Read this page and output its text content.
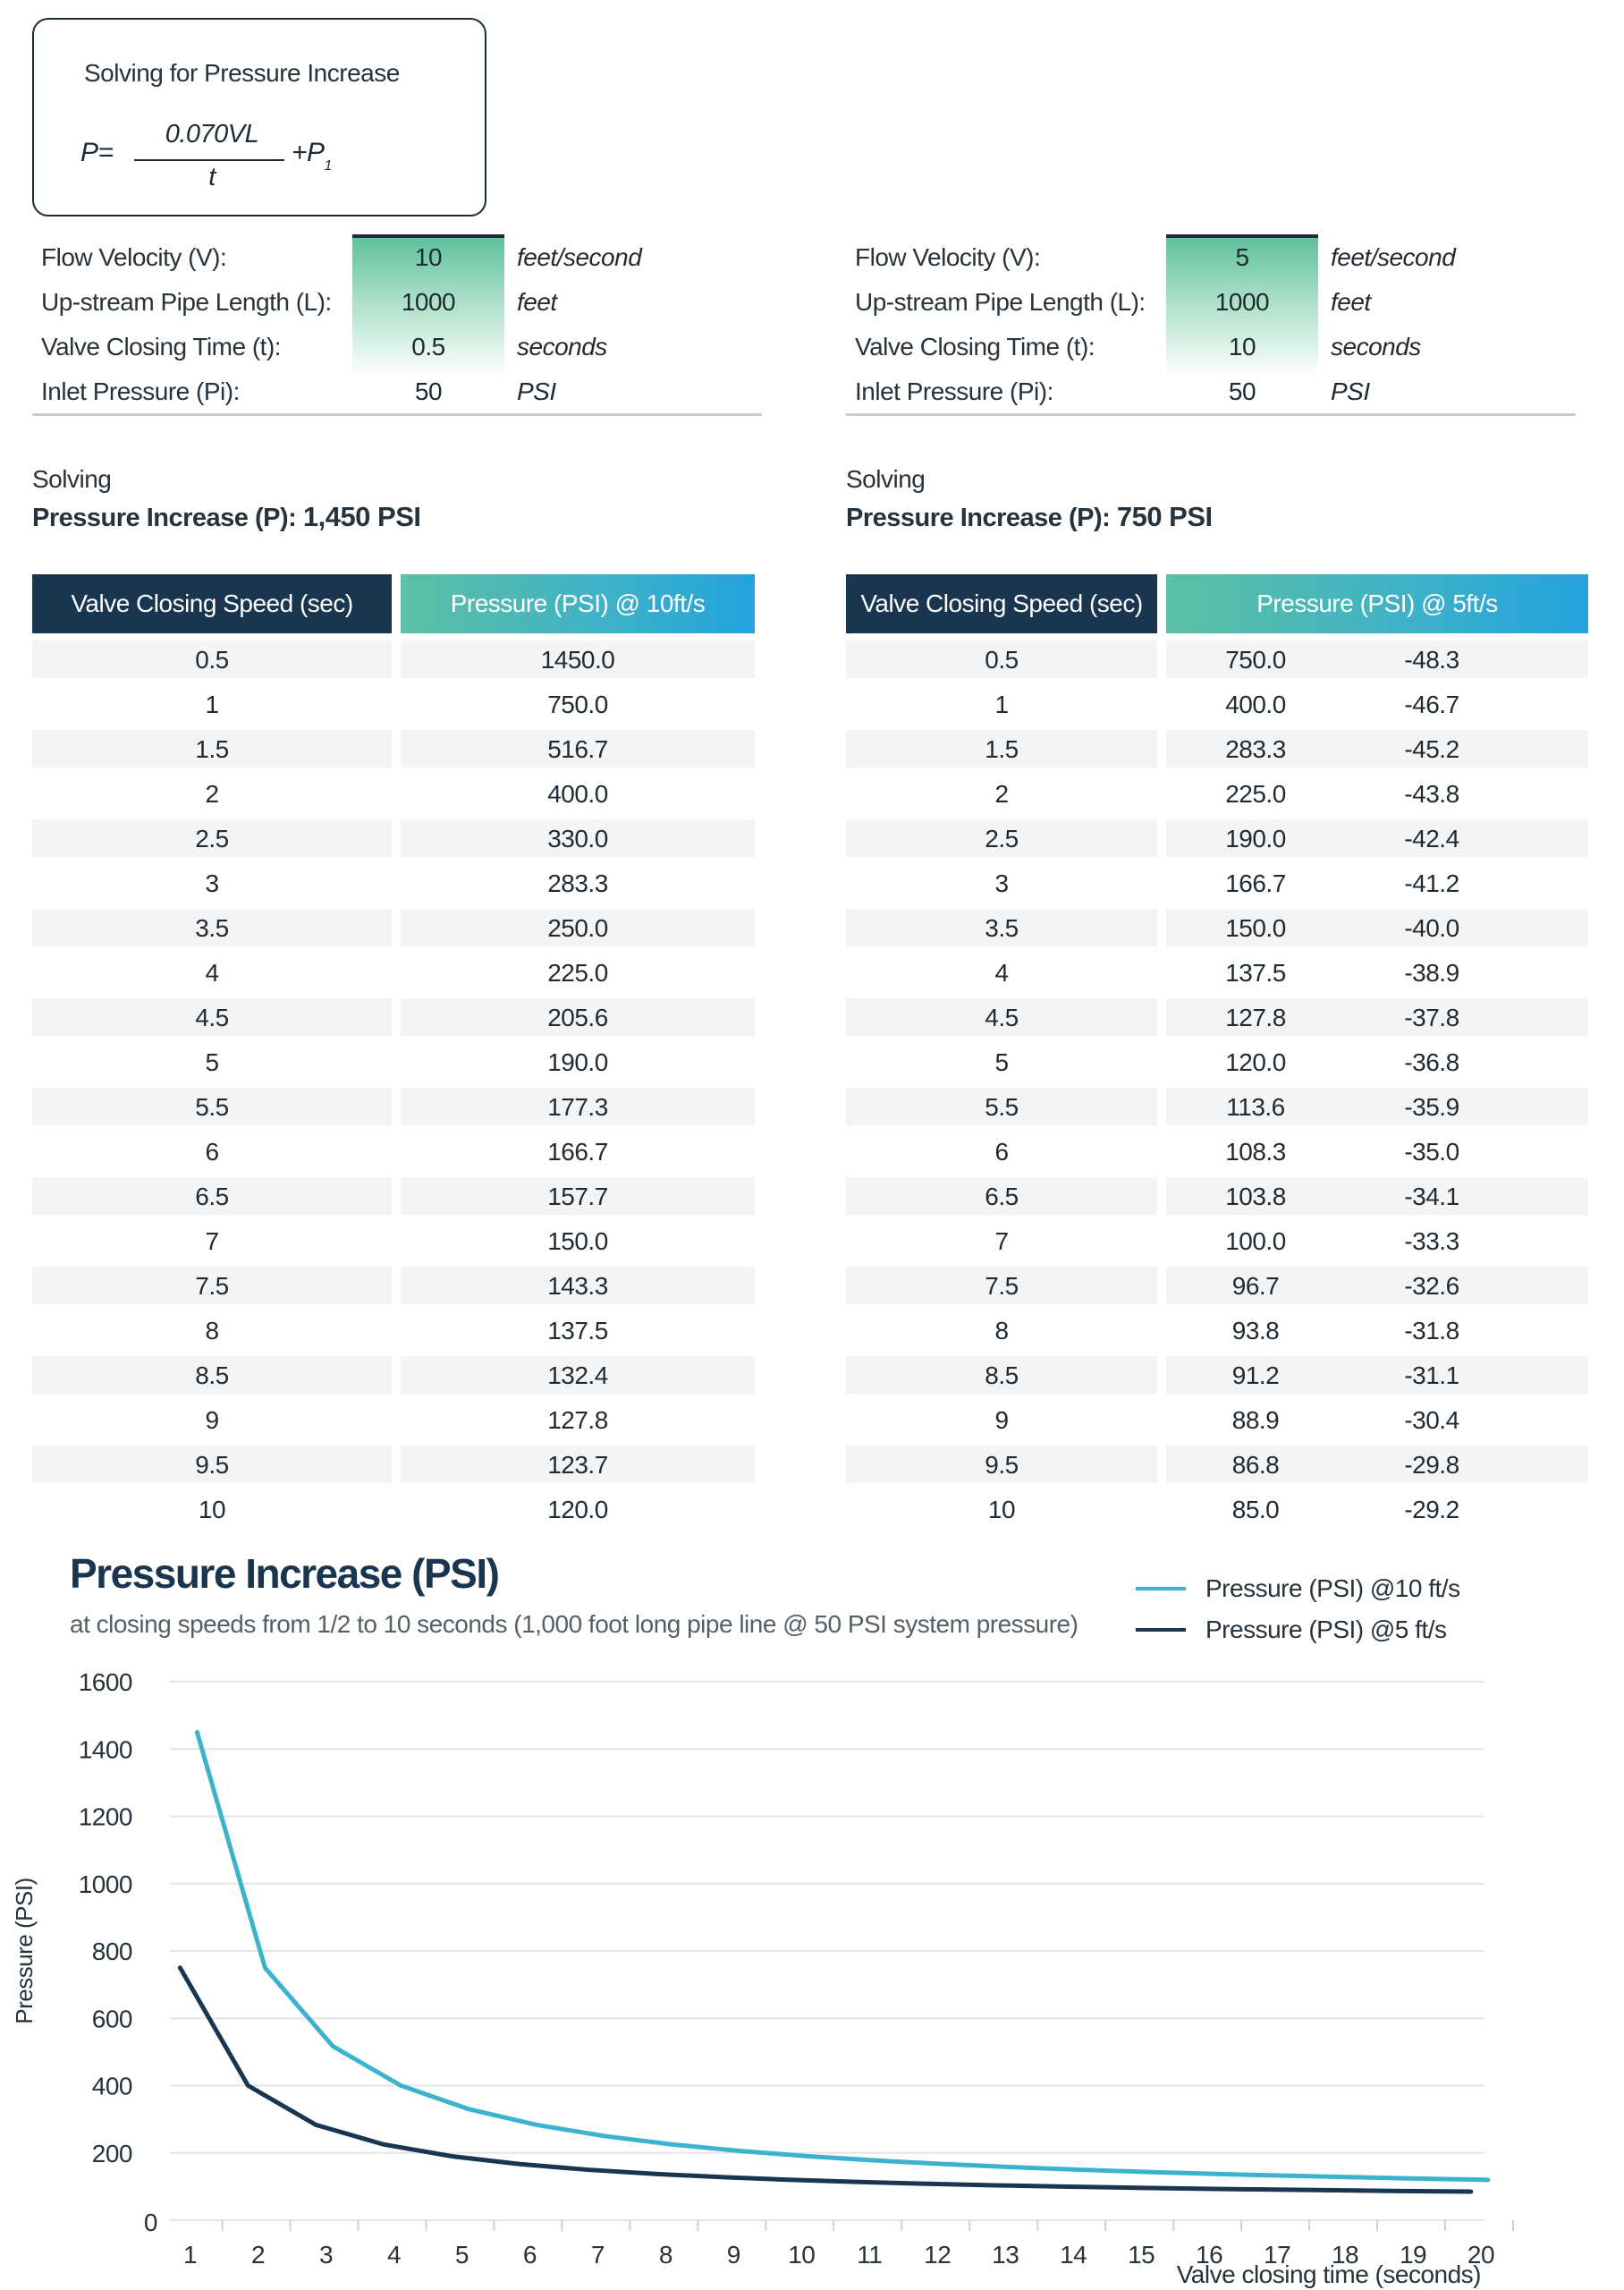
Solving for Pressure Increase
P=
0.070VL
t
$+P_1$
Flow Velocity (V):	10	feet/second
Up-stream Pipe Length (L):	1000	feet
Valve Closing Time (t):	0.5	seconds
Inlet Pressure (Pi):	50	PSI
Flow Velocity (V):	5	feet/second
Up-stream Pipe Length (L):	1000	feet
Valve Closing Time (t):	10	seconds
Inlet Pressure (Pi):	50	PSI
Solving
Pressure Increase (P): 1,450 PSI
Solving
Pressure Increase (P): 750 PSI
Valve Closing Speed (sec)	Pressure (PSI) @ 10ft/s
0.5	1450.0
1	750.0
1.5	516.7
2	400.0
2.5	330.0
3	283.3
3.5	250.0
4	225.0
4.5	205.6
5	190.0
5.5	177.3
6	166.7
6.5	157.7
7	150.0
7.5	143.3
8	137.5
8.5	132.4
9	127.8
9.5	123.7
10	120.0
Valve Closing Speed (sec)	Pressure (PSI) @ 5ft/s
0.5	750.0	-48.3
1	400.0	-46.7
1.5	283.3	-45.2
2	225.0	-43.8
2.5	190.0	-42.4
3	166.7	-41.2
3.5	150.0	-40.0
4	137.5	-38.9
4.5	127.8	-37.8
5	120.0	-36.8
5.5	113.6	-35.9
6	108.3	-35.0
6.5	103.8	-34.1
7	100.0	-33.3
7.5	96.7	-32.6
8	93.8	-31.8
8.5	91.2	-31.1
9	88.9	-30.4
9.5	86.8	-29.8
10	85.0	-29.2
Pressure Increase (PSI)
at closing speeds from 1/2 to 10 seconds (1,000 foot long pipe line @ 50 PSI system pressure)
Pressure (PSI) @10 ft/s
Pressure (PSI) @5 ft/s
0
200
400
600
800
1000
1200
1400
1600
1 2 3 4 5 6 7 8 9 10 11 12 13 14 15 16 17 18 19 20
Valve closing time (seconds)
Pressure (PSI)
